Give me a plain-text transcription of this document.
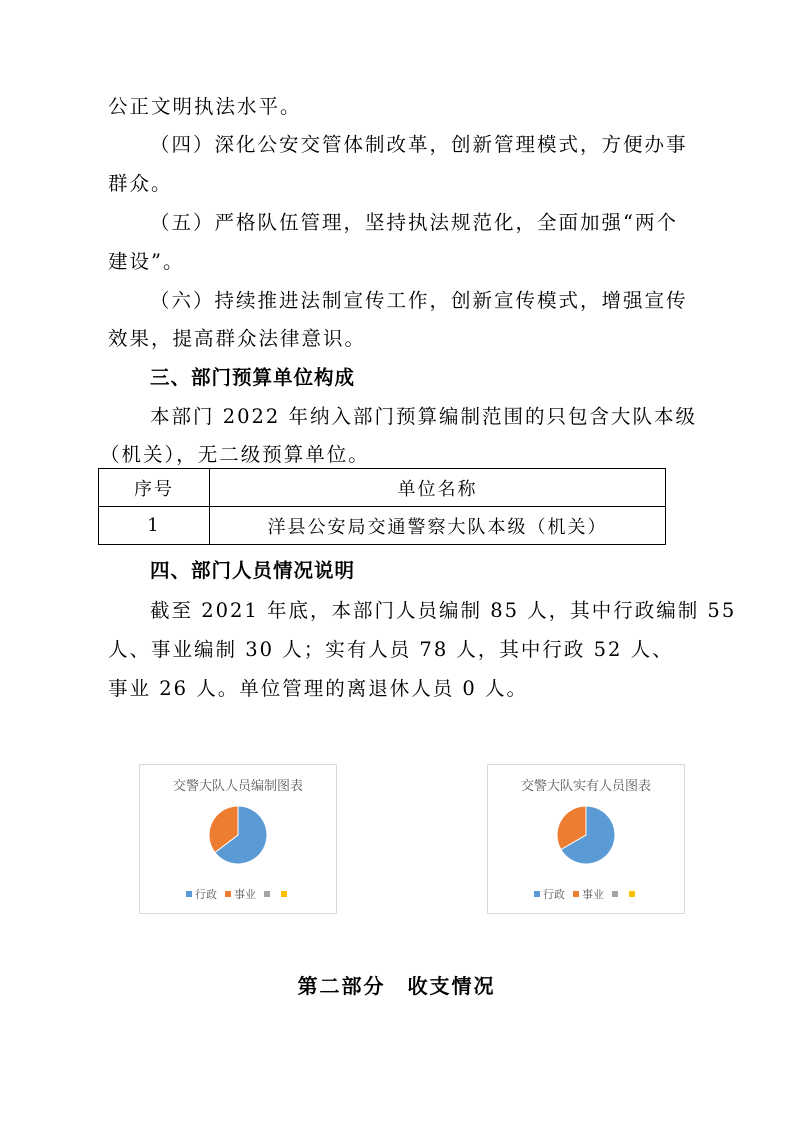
公正文明执法水平。
（四）深化公安交管体制改革，创新管理模式，方便办事
群众。
（五）严格队伍管理，坚持执法规范化，全面加强“两个
建设”。
（六）持续推进法制宣传工作，创新宣传模式，增强宣传
效果，提高群众法律意识。
三、部门预算单位构成
本部门 2022 年纳入部门预算编制范围的只包含大队本级
（机关），无二级预算单位。
序号	单位名称
1	洋县公安局交通警察大队本级（机关）
四、部门人员情况说明
截至 2021 年底，本部门人员编制 85 人，其中行政编制 55
人、事业编制 30 人；实有人员 78 人，其中行政 52 人、
事业 26 人。单位管理的离退休人员 0 人。
交警大队人员编制图表
行政 事业
交警大队实有人员图表
行政 事业
第二部分　收支情况
